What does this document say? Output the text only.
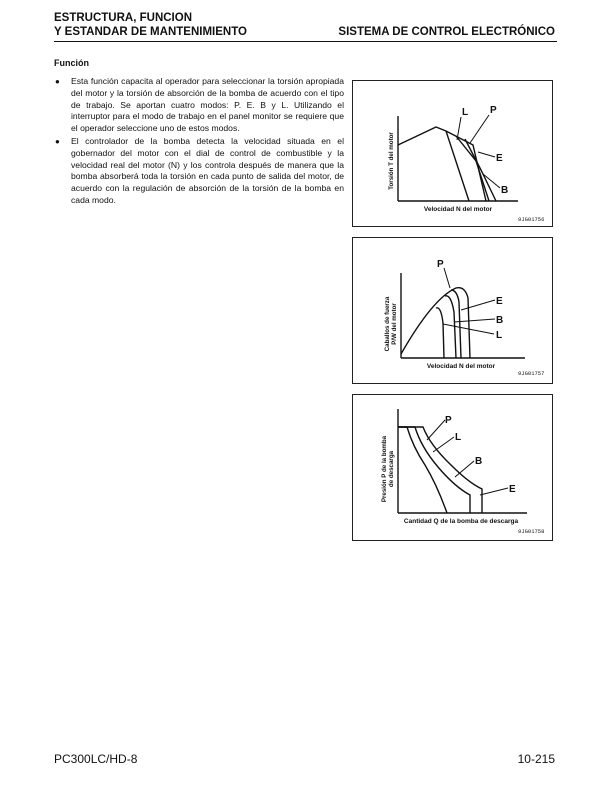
ESTRUCTURA, FUNCION
Y ESTANDAR DE MANTENIMIENTO	SISTEMA DE CONTROL ELECTRÓNICO
Función
● Esta función capacita al operador para seleccionar la torsión apropiada del motor y la torsión de absorción de la bomba de acuerdo con el tipo de trabajo. Se aportan cuatro modos: P. E. B y L. Utilizando el interruptor para el modo de trabajo en el panel monitor se requiere que el operador seleccione uno de estos modos.
● El controlador de la bomba detecta la velocidad situada en el gobernador del motor con el dial de control de combustible y la velocidad real del motor (N) y los controla después de manera que la bomba absorberá toda la torsión en cada punto de salida del motor, de acuerdo con la regulación de absorción de la torsión de la bomba en cada modo.
L P
E
B
Velocidad N del motor
Torsión T del motor
9JG01756
P
E
B
L
Velocidad N del motor
Caballos de fuerza P/W del motor
9JG01757
P
L
B
E
Cantidad Q de la bomba de descarga
Presión P de la bomba de descarga
9JG01758
PC300LC/HD-8	10-215
